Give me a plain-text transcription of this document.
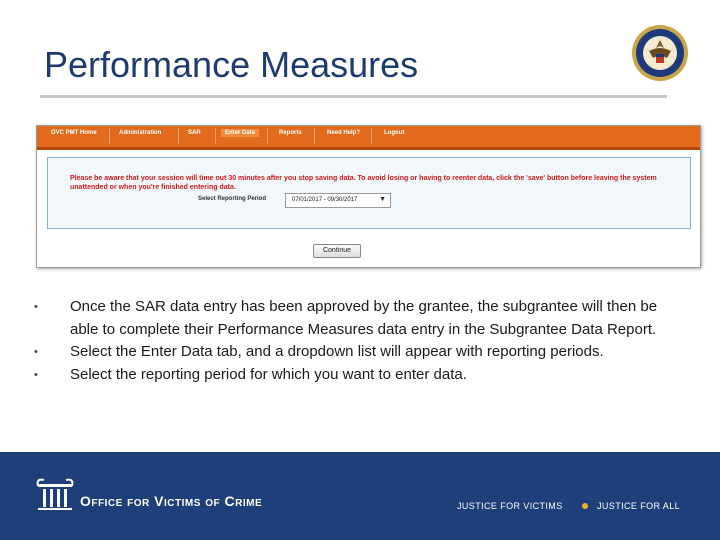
Performance Measures
OVC PMT Home	Administration	SAR	Enter Data	Reports	Need Help?	Logout
Please be aware that your session will time out 30 minutes after you stop saving data. To avoid losing or having to reenter data, click the 'save' button before leaving the system unattended or when you're finished entering data.
Select Reporting Period	07/01/2017 - 09/30/2017	▼
Continue
•	Once the SAR data entry has been approved by the grantee, the subgrantee will then be able to complete their Performance Measures data entry in the Subgrantee Data Report.
•	Select the Enter Data tab, and a dropdown list will appear with reporting periods.
•	Select the reporting period for which you want to enter data.
Office for Victims of Crime	JUSTICE FOR VICTIMS	JUSTICE FOR ALL
